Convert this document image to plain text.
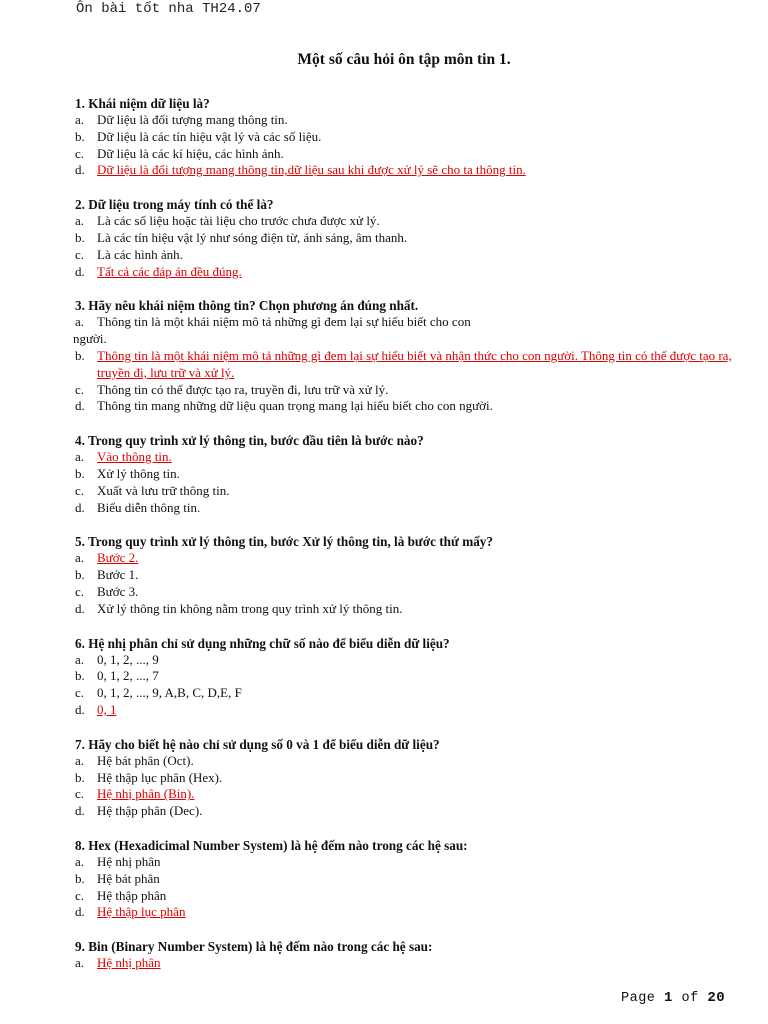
Ôn bài tốt nha TH24.07
Một số câu hỏi ôn tập môn tin 1.
1. Khái niệm dữ liệu là?
a. Dữ liệu là đối tượng mang thông tin.
b. Dữ liệu là các tín hiệu vật lý và các số liệu.
c. Dữ liệu là các kí hiệu, các hình ảnh.
d. Dữ liệu là đối tượng mang thông tin,dữ liệu sau khi được xử lý sẽ cho ta thông tin.
2. Dữ liệu trong máy tính có thể là?
a. Là các số liệu hoặc tài liệu cho trước chưa được xử lý.
b. Là các tín hiệu vật lý như sóng điện từ, ánh sáng, âm thanh.
c. Là các hình ảnh.
d. Tất cả các đáp án đều đúng.
3. Hãy nêu khái niệm thông tin? Chọn phương án đúng nhất.
a. Thông tin là một khái niệm mô tả những gì đem lại sự hiểu biết cho con
người.
b. Thông tin là một khái niệm mô tả những gì đem lại sự hiểu biết và nhận thức cho con người. Thông tin có thể được tạo ra, truyền đi, lưu trữ và xử lý.
c. Thông tin có thể được tạo ra, truyền đi, lưu trữ và xử lý.
d. Thông tin mang những dữ liệu quan trọng mang lại hiểu biết cho con người.
4. Trong quy trình xử lý thông tin, bước đầu tiên là bước nào?
a. Vào thông tin.
b. Xử lý thông tin.
c. Xuất và lưu trữ thông tin.
d. Biểu diễn thông tin.
5. Trong quy trình xử lý thông tin, bước Xử lý thông tin, là bước thứ mấy?
a. Bước 2.
b. Bước 1.
c. Bước 3.
d. Xử lý thông tin không nằm trong quy trình xử lý thông tin.
6. Hệ nhị phân chỉ sử dụng những chữ số nào để biểu diễn dữ liệu?
a. 0, 1, 2, ..., 9
b. 0, 1, 2, ..., 7
c. 0, 1, 2, ..., 9, A,B, C, D,E, F
d. 0, 1
7. Hãy cho biết hệ nào chỉ sử dụng số 0 và 1 để biểu diễn dữ liệu?
a. Hệ bát phân (Oct).
b. Hệ thập lục phân (Hex).
c. Hệ nhị phân (Bin).
d. Hệ thập phân (Dec).
8. Hex (Hexadicimal Number System) là hệ đếm nào trong các hệ sau:
a. Hệ nhị phân
b. Hệ bát phân
c. Hệ thập phân
d. Hệ thập lục phân
9. Bin (Binary Number System) là hệ đếm nào trong các hệ sau:
a. Hệ nhị phân
Page 1 of 20
